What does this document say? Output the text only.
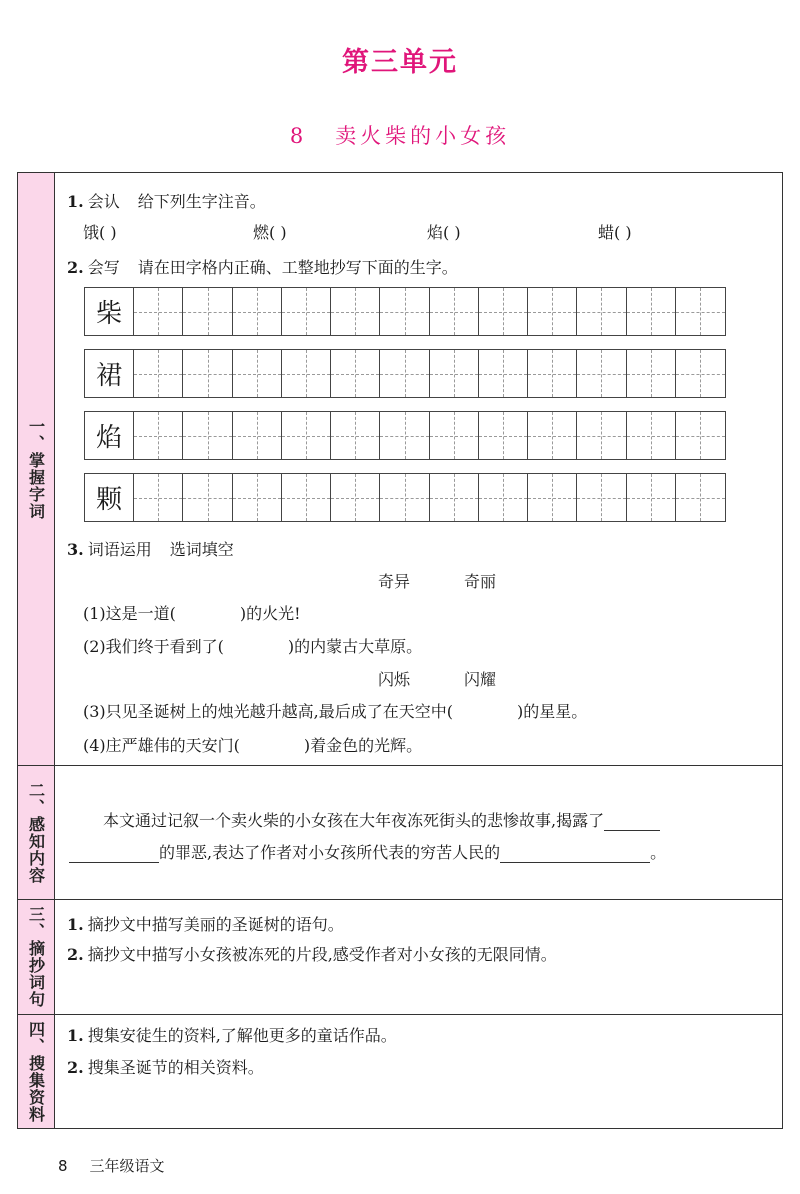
第三单元
8 卖火柴的小女孩
一、掌握字词
1. 会认 给下列生字注音。
饿( )	燃( )	焰( )	蜡( )
2. 会写 请在田字格内正确、工整地抄写下面的生字。
柴
裙
焰
颗
3. 词语运用 选词填空
奇异	奇丽
(1)这是一道(	)的火光!
(2)我们终于看到了(	)的内蒙古大草原。
闪烁	闪耀
(3)只见圣诞树上的烛光越升越高,最后成了在天空中(	)的星星。
(4)庄严雄伟的天安门(	)着金色的光辉。
二、感知内容	本文通过记叙一个卖火柴的小女孩在大年夜冻死街头的悲惨故事,揭露了
的罪恶,表达了作者对小女孩所代表的穷苦人民的	。
三、摘抄词句 1. 摘抄文中描写美丽的圣诞树的语句。
2. 摘抄文中描写小女孩被冻死的片段,感受作者对小女孩的无限同情。
四、搜集资料 1. 搜集安徒生的资料,了解他更多的童话作品。
2. 搜集圣诞节的相关资料。
8 三年级语文
